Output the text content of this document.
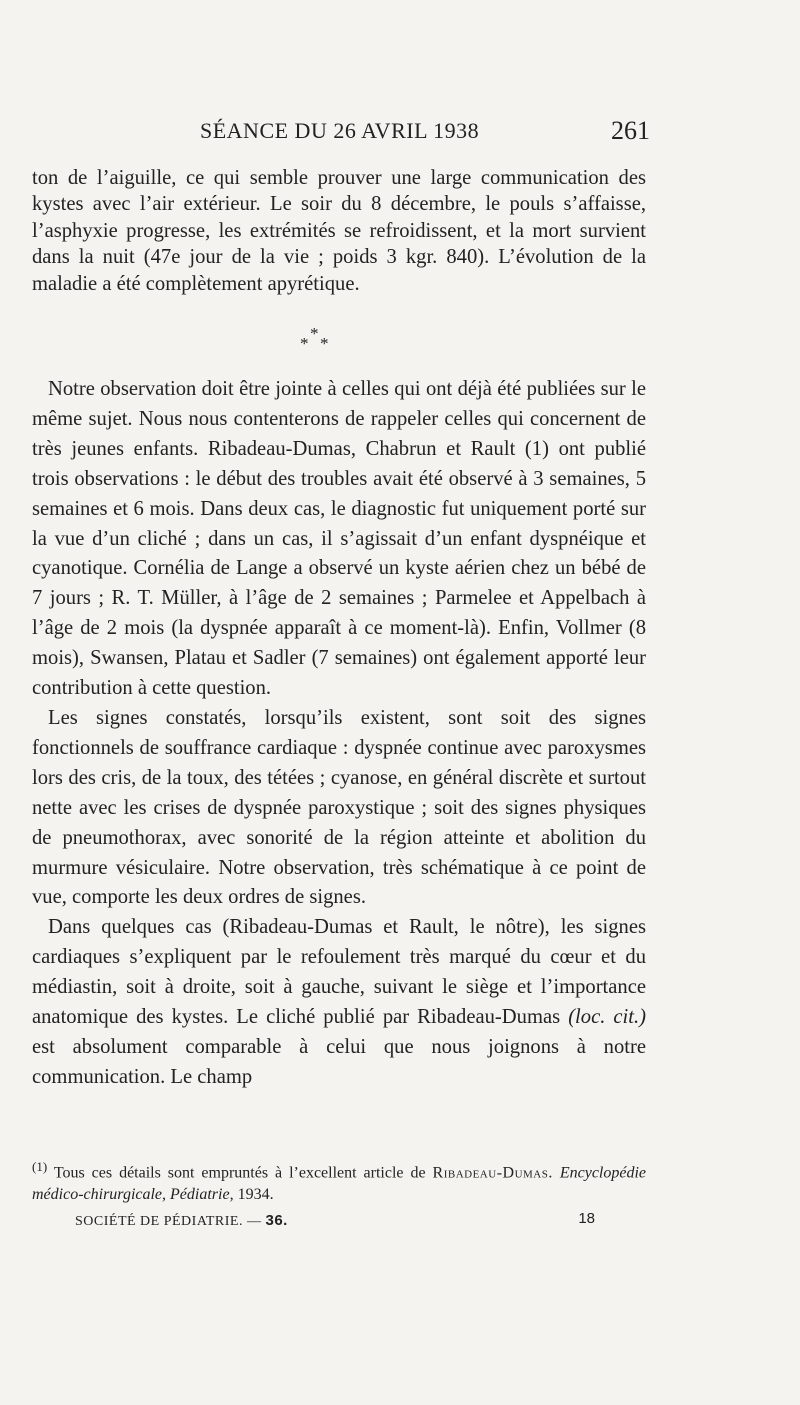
SÉANCE DU 26 AVRIL 1938	261

ton de l’aiguille, ce qui semble prouver une large communication des kystes avec l’air extérieur. Le soir du 8 décembre, le pouls s’affaisse, l’asphyxie progresse, les extrémités se refroidissent, et la mort survient dans la nuit (47e jour de la vie ; poids 3 kgr. 840). L’évolution de la maladie a été complètement apyrétique.

*
* *

Notre observation doit être jointe à celles qui ont déjà été publiées sur le même sujet. Nous nous contenterons de rappeler celles qui concernent de très jeunes enfants. Ribadeau-Dumas, Chabrun et Rault (1) ont publié trois observations : le début des troubles avait été observé à 3 semaines, 5 semaines et 6 mois. Dans deux cas, le diagnostic fut uniquement porté sur la vue d’un cliché ; dans un cas, il s’agissait d’un enfant dyspnéique et cyanotique. Cornélia de Lange a observé un kyste aérien chez un bébé de 7 jours ; R. T. Müller, à l’âge de 2 semaines ; Parmelee et Appelbach à l’âge de 2 mois (la dyspnée apparaît à ce moment-là). Enfin, Vollmer (8 mois), Swansen, Platau et Sadler (7 semaines) ont également apporté leur contribution à cette question.

Les signes constatés, lorsqu’ils existent, sont soit des signes fonctionnels de souffrance cardiaque : dyspnée continue avec paroxysmes lors des cris, de la toux, des tétées ; cyanose, en général discrète et surtout nette avec les crises de dyspnée paroxystique ; soit des signes physiques de pneumothorax, avec sonorité de la région atteinte et abolition du murmure vésiculaire. Notre observation, très schématique à ce point de vue, comporte les deux ordres de signes.

Dans quelques cas (Ribadeau-Dumas et Rault, le nôtre), les signes cardiaques s’expliquent par le refoulement très marqué du cœur et du médiastin, soit à droite, soit à gauche, suivant le siège et l’importance anatomique des kystes. Le cliché publié par Ribadeau-Dumas (loc. cit.) est absolument comparable à celui que nous joignons à notre communication. Le champ

$^{(1)}$ Tous ces détails sont empruntés à l’excellent article de Ribadeau-Dumas. Encyclopédie médico-chirurgicale, Pédiatrie, 1934.
SOCIÉTÉ DE PÉDIATRIE. — 36.	18
